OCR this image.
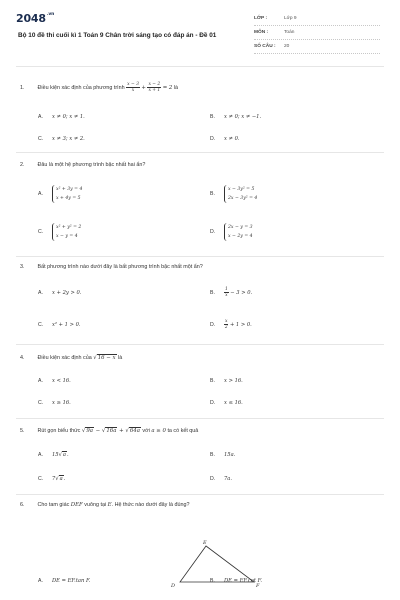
$2048^{.vn}$
Bộ 10 đề thi cuối kì 1 Toán 9 Chân trời sáng tạo có đáp án - Đề 01
LỚP :	Lớp 9
MÔN :	Toán
SỐ CÂU : 20
1. Điều kiện xác định của phương trình $\frac{x - 3}{x} + \frac{x - 2}{x + 1} = 2$ là
A. x ≠ 0; x ≠ 1.	B. x ≠ 0; x ≠ −1.
C. x ≠ 3; x ≠ 2.	D. x ≠ 0.
2. Đâu là một hệ phương trình bậc nhất hai ẩn?
A.
x² + 3y = 4
x + 4y = 5
B.
x − 3y² = 5
2x − 3y² = 4
C.
x² + y² = 2
x − y = 4
D.
2x − y = 3
x − 2y = 4
3. Bất phương trình nào dưới đây là bất phương trình bậc nhất một ẩn?
A. x + 2y > 0.	B. $\frac{1}{x} - 3 > 0$.
C. x² + 1 > 0.	D. $\frac{x}{2} + 1 > 0$.
4. Điều kiện xác định của √16 − x là
A. x < 16.	B. x > 16.
C. x ≥ 16.	D. x ≤ 16.
5. Rút gọn biểu thức √9a − √16a + √64a với a ≥ 0 ta có kết quả
A. 15√a.	B. 15a.
C. 7√a.	D. 7a.
6. Cho tam giác DEF vuông tại E. Hệ thức nào dưới đây là đúng?
E
D	F
A. DE = EF.tan F.	B. DE = EF.cot F.
